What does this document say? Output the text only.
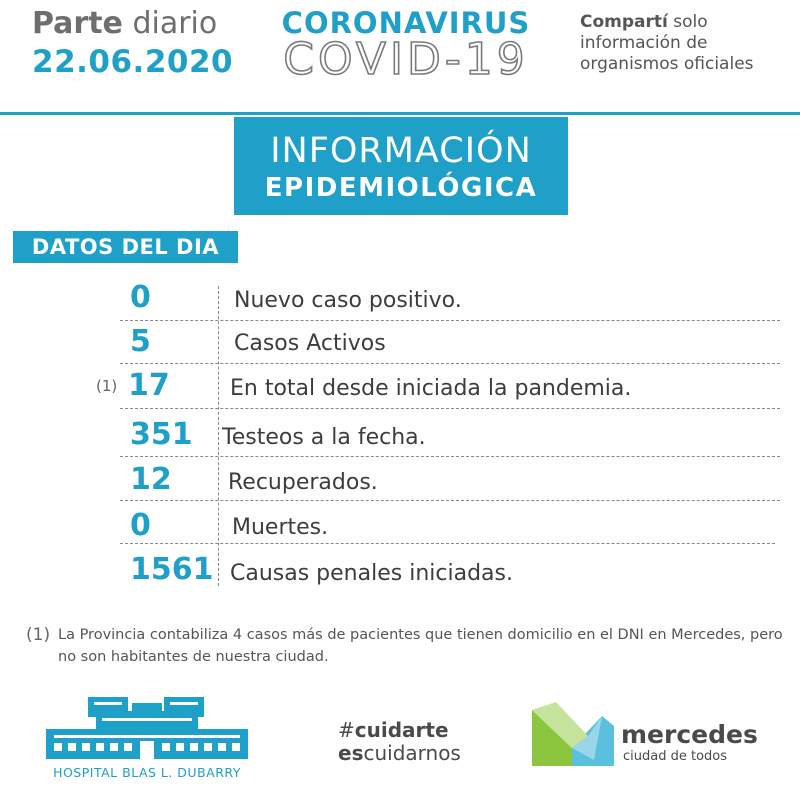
Parte diario
22.06.2020
CORONAVIRUS
COVID-19
Compartí solo
información de
organismos oficiales
INFORMACIÓN
EPIDEMIOLÓGICA
DATOS DEL DIA
0	Nuevo caso positivo.
5	Casos Activos
(1) 17	En total desde iniciada la pandemia.
351 Testeos a la fecha.
12	Recuperados.
0	Muertes.
1561 Causas penales iniciadas.
(1) La Provincia contabiliza 4 casos más de pacientes que tienen domicilio en el DNI en Mercedes, pero no son habitantes de nuestra ciudad.
HOSPITAL BLAS L. DUBARRY
#cuidarte
escuidarnos
mercedes
ciudad de todos
